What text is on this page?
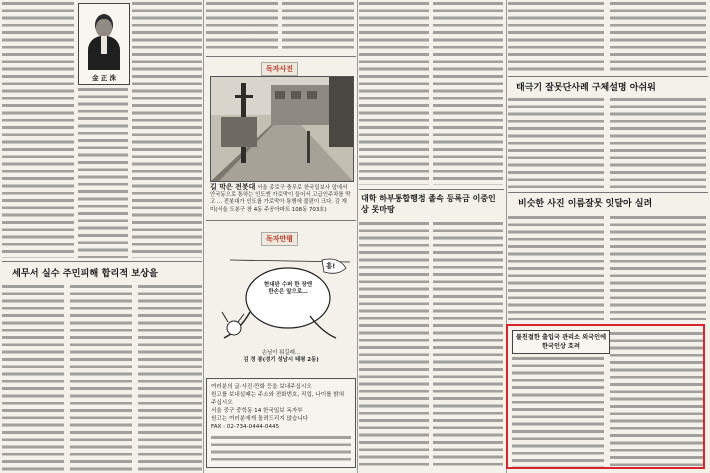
金 正 洙
세무서 실수 주민피해 합리적 보상을
독자사진
길 막은 전봇대 서울 종로구 충무로 한국일보사 앞에서 안국동으로 통하는 인도엔 가로막이 들어서 고급인주차를 막고 ... 전봇대가 인도를 가로막아 통행에 불편이 크다. 김 재 미(서울 도봉구 창 4동 주공아파트 108동 703호)
독자만평
현대판 수퍼 한 장엔
한손은 앞으로…
흥!
손님이 뭐길래…
김 정 봉(경기 성남시 태평 2동)
여러분의 글·사진·만화 등을 보내주십시오
원고를 보내실때는 주소와 전화번호, 직업, 나이를 밝혀 주십시오
서울 중구 중학동 14 한국일보 독자부
원고는 여러분에게 돌려드리지 않습니다
FAX : 02-734-0444-0445
대학 하부통합행정 졸속 등록금 이중인상 못마땅
태극기 잘못단사례 구체설명 아쉬워
비슷한 사진 이름잘못 잇달아 실려
불친절한 출입국 관리소 외국인에 한국인상 흐려
